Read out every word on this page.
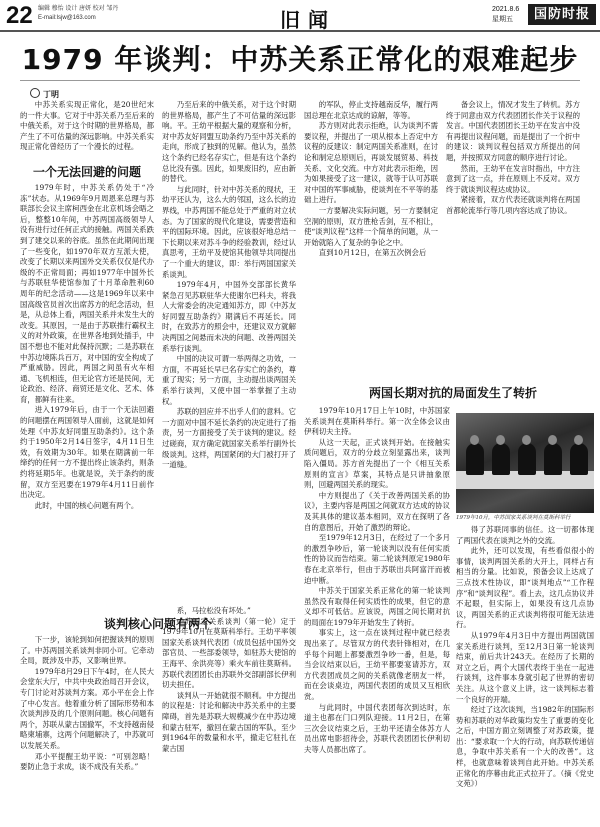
22 编辑 穆怡 设计 唐妍 校对 邹丹
E-mail:lsjw@163.com	旧闻	2021.8.6
星期五	国防时报
1979 年谈判：中苏关系正常化的艰难起步
丁明

中苏关系实现正常化，是20世纪末的一件大事。它对于中苏关系乃至后来的中俄关系，对于这个时期的世界格局，都产生了不可估量的深远影响。中苏关系实现正常化曾经历了一个漫长的过程。

一个无法回避的问题

1979年时，中苏关系仍处于“冷冻”状态。从1969年9月周恩来总理与苏联部长会议主席柯西金在北京机场会晤之后，整整10年间，中苏两国高级领导人没有进行过任何正式的接触。两国关系跌到了建交以来的谷底。虽然在此期间出现了一些变化，如1970年双方互派大使，改变了长期以来两国外交关系仅仅是代办级的不正常局面；再如1977年中国外长与苏联驻华使馆参加了十月革命胜利60周年的纪念活动——这是1969年以来中国高级官员首次出席苏方的纪念活动，但是，从总体上看，两国关系并未发生大的改变。其原因，一是由于苏联推行霸权主义的对外政策，在世界各地到处插手，中国不想也不能对此保持沉默；二是苏联在中苏边境陈兵百万，对中国的安全构成了严重威胁。因此，两国之间虽有火车相通、飞机相连，但无论官方还是民间，无论政治、经济、商贸还是文化、艺术、体育，都鲜有往来。

进入1979年后，由于一个无法回避的问题摆在两国领导人面前，这就是如何处理《中苏友好同盟互助条约》。这个条约于1950年2月14日签字，4月11日生效，有效期为30年。如果在期满前一年缔约的任何一方不提出终止该条约，则条约将延期5年。也就是说，关于条约的废留，双方至迟要在1979年4月11日前作出决定。

此时，中国的核心问题有两个。

乃至后来的中俄关系，对于这个时期的世界格局，都产生了不可估量的深远影响。平。王幼平根据大量的观察和分析，对中苏友好同盟互助条约乃至中苏关系的走向，形成了独到的见解。他认为，虽然这个条约已经名存实亡，但是有这个条约总比没有强。因此，如果废旧约，应由新的替代。

与此同时，针对中苏关系的现状，王幼平还认为，这么大的邻国，这么长的边界线，中苏两国不能总处于严重的对立状态。为了国家的现代化建设，需要营造和平的国际环境。因此，应该很好地总结一下长期以来对苏斗争的经验教训，经过认真思考，王幼平及使馆其他领导共同提出了一个重大的建议，即：举行两国国家关系谈判。

1979年4月，中国外交部部长黄华紧急召见苏联驻华大使谢尔巴科夫，将我人大常委会的决定通知苏方，即《中苏友好同盟互助条约》期满后不再延长。同时，在致苏方的照会中，还建议双方就解决两国之间悬而未决的问题、改善两国关系举行谈判。

中国的决议可谓一举两得之功效，一方面，不再延长早已名存实亡的条约，尊重了现实；另一方面，主动提出谈两国关系举行谈判，又使中国一举掌握了主动权。

苏联的回应并不出乎人们的意料。它一方面对中国不延长条约的决定进行了指责，另一方面接受了关于谈判的建议。经过磋商，双方确定就国家关系举行副外长级谈判。这样，两国紧闭的大门被打开了一道缝。

的军队，停止支持越南反华，履行两国总理在北京达成的谅解，等等。

苏方则对此表示拒绝，认为谈判不需要议程，并提出了一项从根本上否定中方议程的反建议：制定两国关系准则，在讨论和制定总原则后，再谈发展贸易、科技关系、文化交流。中方对此表示拒绝，因为如果接受了这一建议，就等于认可苏联对中国的军事威胁，使谈判在不平等的基础上进行。

一方要解决实际问题，另一方要制定空洞的原则，双方胜枪舌剑，互不相让，使“谈判议程”这样一个简单的问题，从一开始就陷入了复杂的争论之中。

直到10月12日，在第五次例会后

备会议上，情况才发生了转机。苏方终于同意由双方代表团团长作关于议程的发言。中国代表团团长王幼平在发言中没有再提出议程问题，而是提出了一个折中的建议：谈判议程包括双方所提出的问题，并按照双方同意的顺序进行讨论。

然而，王幼平在发言时指出，中方注意到了这一点，并在原则上不反对。双方终于就谈判议程达成协议。

紧接着，双方代表还就谈判将在两国首都轮流举行等几项内容达成了协议。

两国长期对抗的局面发生了转折
谈判核心问题有两个

下一步，该轮到如何把握谈判的原则了。中苏两国关系谈判非同小可。它牵动全局，既涉及中苏，又影响世界。

1979年8月29日下午4时，在人民大会堂东大厅，中共中央政治局召开会议，专门讨论对苏谈判方案。邓小平在会上作了中心发言。他着重分析了国际形势和本次谈判涉及的几个原则问题。核心问题有两个，苏联从蒙古国撤军，不支持越南侵略柬埔寨，这两个问题解决了，中苏就可以发展关系。

邓小平提醒王幼平说：“可别忽略！要防止急于求成，谈不成没有关系。”

系，马拉松没有坏处。”

中苏国家关系谈判（第一轮）定于1979年10月在莫斯科举行。王幼平率领国家关系谈判代表团（成员包括中国外交部官员、一些部委领导，如驻苏大使馆的王海平、余洪亮等）乘火车前往莫斯科。苏联代表团团长由苏联外交部副部长伊利切夫担任。

谈判从一开始就很不顺利。中方提出的议程是：讨论和解决中苏关系中的主要障碍，首先是苏联大规模减少在中苏边境和蒙古驻军，撤回在蒙古国的军队，至少到1964年的数量和水平，撤走它驻扎在蒙古国

1979年10月17日上午10时，中苏国家关系谈判在莫斯科举行。第一次全体会议由伊利切夫主持。

从这一天起，正式谈判开始。在接触实质问题后，双方的分歧立刻显露出来，谈判陷入僵局。苏方首先提出了一个《相互关系原则的宣言》草案，其特点是只讲抽象原则，回避两国关系的现实。

中方则提出了《关于改善两国关系的协议》，主要内容是两国之间就双方达成的协议及其具体的建议基本相同，双方在探明了各自的意图后，开始了激烈的辩论。

至1979年12月3日，在经过了一个多月的激烈争吵后，第一轮谈判以没有任何实质性的协议而告结束。第二轮谈判原定1980年春在北京举行，但由于苏联出兵阿富汗而被迫中断。

中苏关于国家关系正常化的第一轮谈判虽然没有取得任何实质性的成果，但它的意义却不可低估。应该说，两国之间长期对抗的局面在1979年开始发生了转折。

事实上，这一点在谈判过程中就已经表现出来了。尽管双方的代表针锋相对，在几乎每个问题上都要激烈争吵一番，但是，每当会议结束以后，王幼平都要宴请苏方，双方代表团成员之间的关系就像老朋友一样，而在会谈桌边，两国代表团的成员又互相欣赏。

与此同时，中国代表团每次到达时，东道主也都在门口列队迎接。11月2日，在第三次会议结束之后，王幼平还请全体苏方人员出席电影招待会，苏联代表团团长伊利切夫等人员都出席了。

1979年10月，中苏国家关系谈判在莫斯科举行

得了苏联同事的信任。这一切都体现了两国代表在谈判之外的交流。

此外，还可以发现，有些看似很小的事情，谈判两国关系的大开上，同样占有相当的分量。比如说，预备会议上达成了三点技术性协议，即“谈判地点”“工作程序”和“谈判议程”。看上去，这几点协议并不起眼，但实际上，如果没有这几点协议，两国关系的正式谈判将很可能无法进行。

从1979年4月3日中方提出两国就国家关系进行谈判，至12月3日第一轮谈判结束，前后共计243天。在经历了长期的对立之后，两个大国代表终于坐在一起进行谈判，这件事本身就引起了世界的密切关注。从这个意义上讲，这一谈判标志着一个良好的开端。

经过了这次谈判，当1982年的国际形势和苏联的对华政策均发生了重要的变化之后，中国方面立刻调整了对苏政策，提出：“要求取一个大的行动，向苏联传递信息，争取中苏关系有一个大的改善”。这样，也就意味着谈判自此开始。中苏关系正常化的序幕由此正式拉开了。（摘《党史文苑》）
